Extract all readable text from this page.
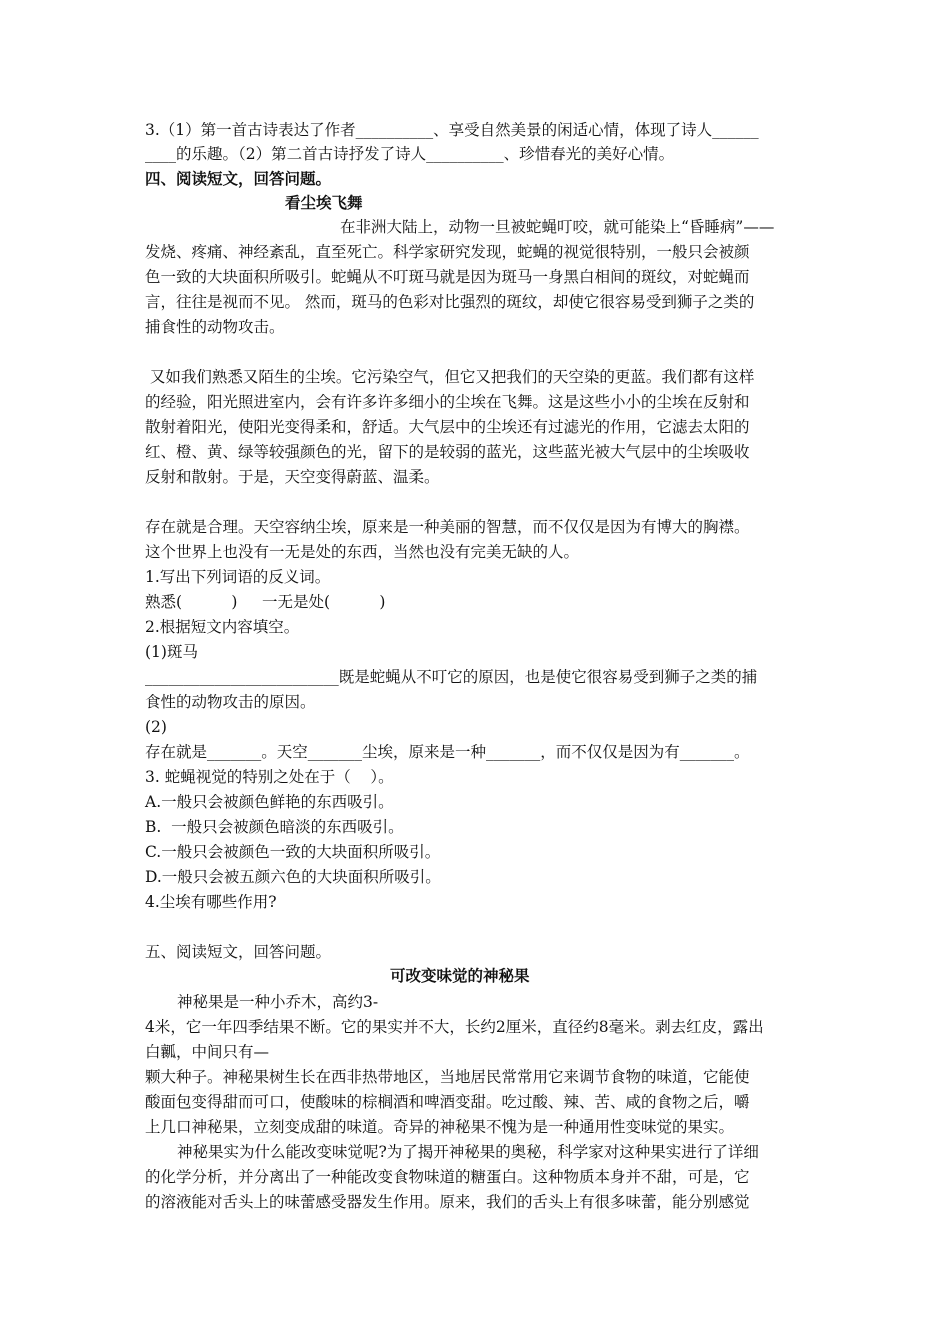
3.（1）第一首古诗表达了作者__________、享受自然美景的闲适心情，体现了诗人______

____的乐趣。（2）第二首古诗抒发了诗人__________、珍惜春光的美好心情。

四、阅读短文，回答问题。

看尘埃飞舞

在非洲大陆上，动物一旦被蛇蝇叮咬，就可能染上“昏睡病”——

发烧、疼痛、神经紊乱，直至死亡。科学家研究发现，蛇蝇的视觉很特别，一般只会被颜

色一致的大块面积所吸引。蛇蝇从不叮斑马就是因为斑马一身黑白相间的斑纹，对蛇蝇而

言，往往是视而不见。 然而，斑马的色彩对比强烈的斑纹，却使它很容易受到狮子之类的

捕食性的动物攻击。

又如我们熟悉又陌生的尘埃。它污染空气，但它又把我们的天空染的更蓝。我们都有这样

的经验，阳光照进室内，会有许多许多细小的尘埃在飞舞。这是这些小小的尘埃在反射和

散射着阳光，使阳光变得柔和，舒适。大气层中的尘埃还有过滤光的作用，它滤去太阳的

红、橙、黄、绿等较强颜色的光，留下的是较弱的蓝光，这些蓝光被大气层中的尘埃吸收

反射和散射。于是，天空变得蔚蓝、温柔。

存在就是合理。天空容纳尘埃，原来是一种美丽的智慧，而不仅仅是因为有博大的胸襟。

这个世界上也没有一无是处的东西，当然也没有完美无缺的人。

1.写出下列词语的反义词。

熟悉(          )     一无是处(          )

2.根据短文内容填空。

(1)斑马

_________________________既是蛇蝇从不叮它的原因，也是使它很容易受到狮子之类的捕

食性的动物攻击的原因。

(2)

存在就是_______。天空_______尘埃，原来是一种_______，而不仅仅是因为有_______。

3. 蛇蝇视觉的特别之处在于（    ）。

A.一般只会被颜色鲜艳的东西吸引。

B.  一般只会被颜色暗淡的东西吸引。

C.一般只会被颜色一致的大块面积所吸引。

D.一般只会被五颜六色的大块面积所吸引。

4.尘埃有哪些作用?

五、阅读短文，回答问题。

可改变味觉的神秘果

神秘果是一种小乔木，高约3-

4米，它一年四季结果不断。它的果实并不大，长约2厘米，直径约8毫米。剥去红皮，露出

白瓤，中间只有—

颗大种子。神秘果树生长在西非热带地区，当地居民常常用它来调节食物的味道，它能使

酸面包变得甜而可口，使酸味的棕榈酒和啤酒变甜。吃过酸、辣、苦、咸的食物之后，嚼

上几口神秘果，立刻变成甜的味道。奇异的神秘果不愧为是一种通用性变味觉的果实。

神秘果实为什么能改变味觉呢?为了揭开神秘果的奥秘，科学家对这种果实进行了详细

的化学分析，并分离出了一种能改变食物味道的糖蛋白。这种物质本身并不甜，可是，它

的溶液能对舌头上的味蕾感受器发生作用。原来，我们的舌头上有很多味蕾，能分别感觉
